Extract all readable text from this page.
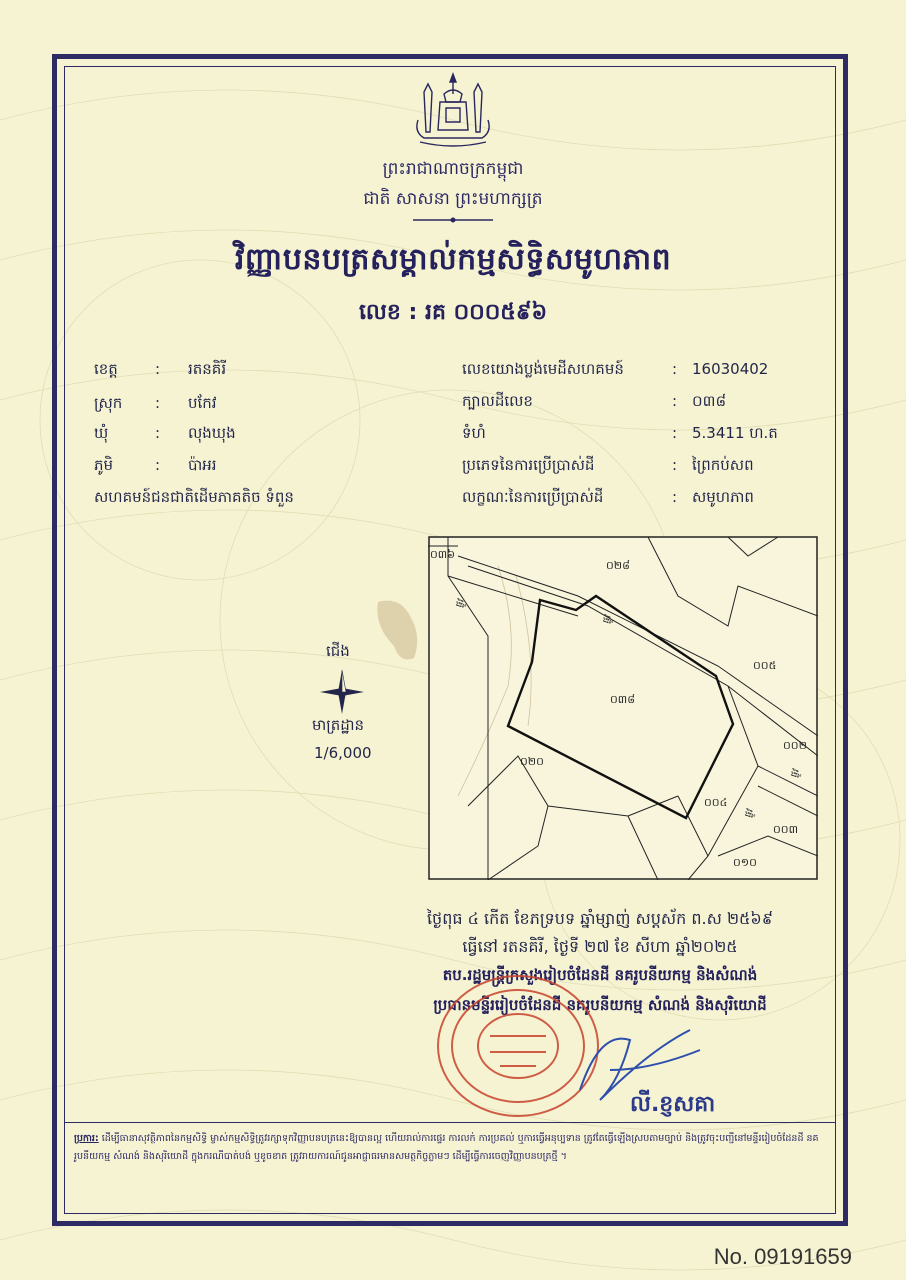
ព្រះរាជាណាចក្រកម្ពុជា
ជាតិ សាសនា ព្រះមហាក្សត្រ
វិញ្ញាបនបត្រសម្គាល់កម្មសិទ្ធិសមូហភាព
លេខ : រគ ០០០៥៩៦
ខេត្ត : រតនគិរី
ស្រុក : បកែវ
ឃុំ	: លុងឃុង
ភូមិ	: ប៉ាអរ
សហគមន៍ជនជាតិដើមភាគតិច ទំពួន
លេខយោងប្លង់មេដីសហគមន៍	: 16030402
ក្បាលដីលេខ	: ០៣៨
ទំហំ	: 5.3411 ហ.ត
ប្រភេទនៃការប្រើប្រាស់ដី	: ព្រៃកប់សព
លក្ខណៈនៃការប្រើប្រាស់ដី	: សមូហភាព
ជើង
មាត្រដ្ឋាន
1/6,000
០៣៦
០២៨
០០៥
០៣៨
០២០
០០២
០០៤
០០៣
០១០
ផ្លូវ
ផ្លូវ
ផ្លូវ
ផ្លូវ
ថ្ងៃពុធ ៤ កើត ខែភទ្របទ ឆ្នាំម្សាញ់ សប្តស័ក ព.ស ២៥៦៩
ធ្វើនៅ រតនគិរី, ថ្ងៃទី ២៧ ខែ សីហា ឆ្នាំ២០២៥
តប.រដ្ឋមន្ត្រីក្រសួងរៀបចំដែនដី នគរូបនីយកម្ម និងសំណង់
ប្រធានមន្ទីររៀបចំដែនដី នគរូបនីយកម្ម សំណង់ និងសុរិយោដី
លី.ខ្ញសគា
ប្រការ: ដើម្បីធានាសុវត្ថិភាពនៃកម្មសិទ្ធិ ម្ចាស់កម្មសិទ្ធិត្រូវរក្សាទុកវិញ្ញាបនបត្រនេះឱ្យបានល្អ ហើយរាល់ការផ្ទេរ ការលក់ ការប្រគល់ ឬការធ្វើអនុប្បទាន ត្រូវតែធ្វើឡើងស្របតាមច្បាប់ និងត្រូវចុះបញ្ជីនៅមន្ទីររៀបចំដែនដី នគរូបនីយកម្ម សំណង់ និងសុរិយោដី ក្នុងករណីបាត់បង់ ឬខូចខាត ត្រូវរាយការណ៍ជូនអាជ្ញាធរមានសមត្ថកិច្ចភ្លាមៗ ដើម្បីធ្វើការចេញវិញ្ញាបនបត្រថ្មី ។
No. 09191659
